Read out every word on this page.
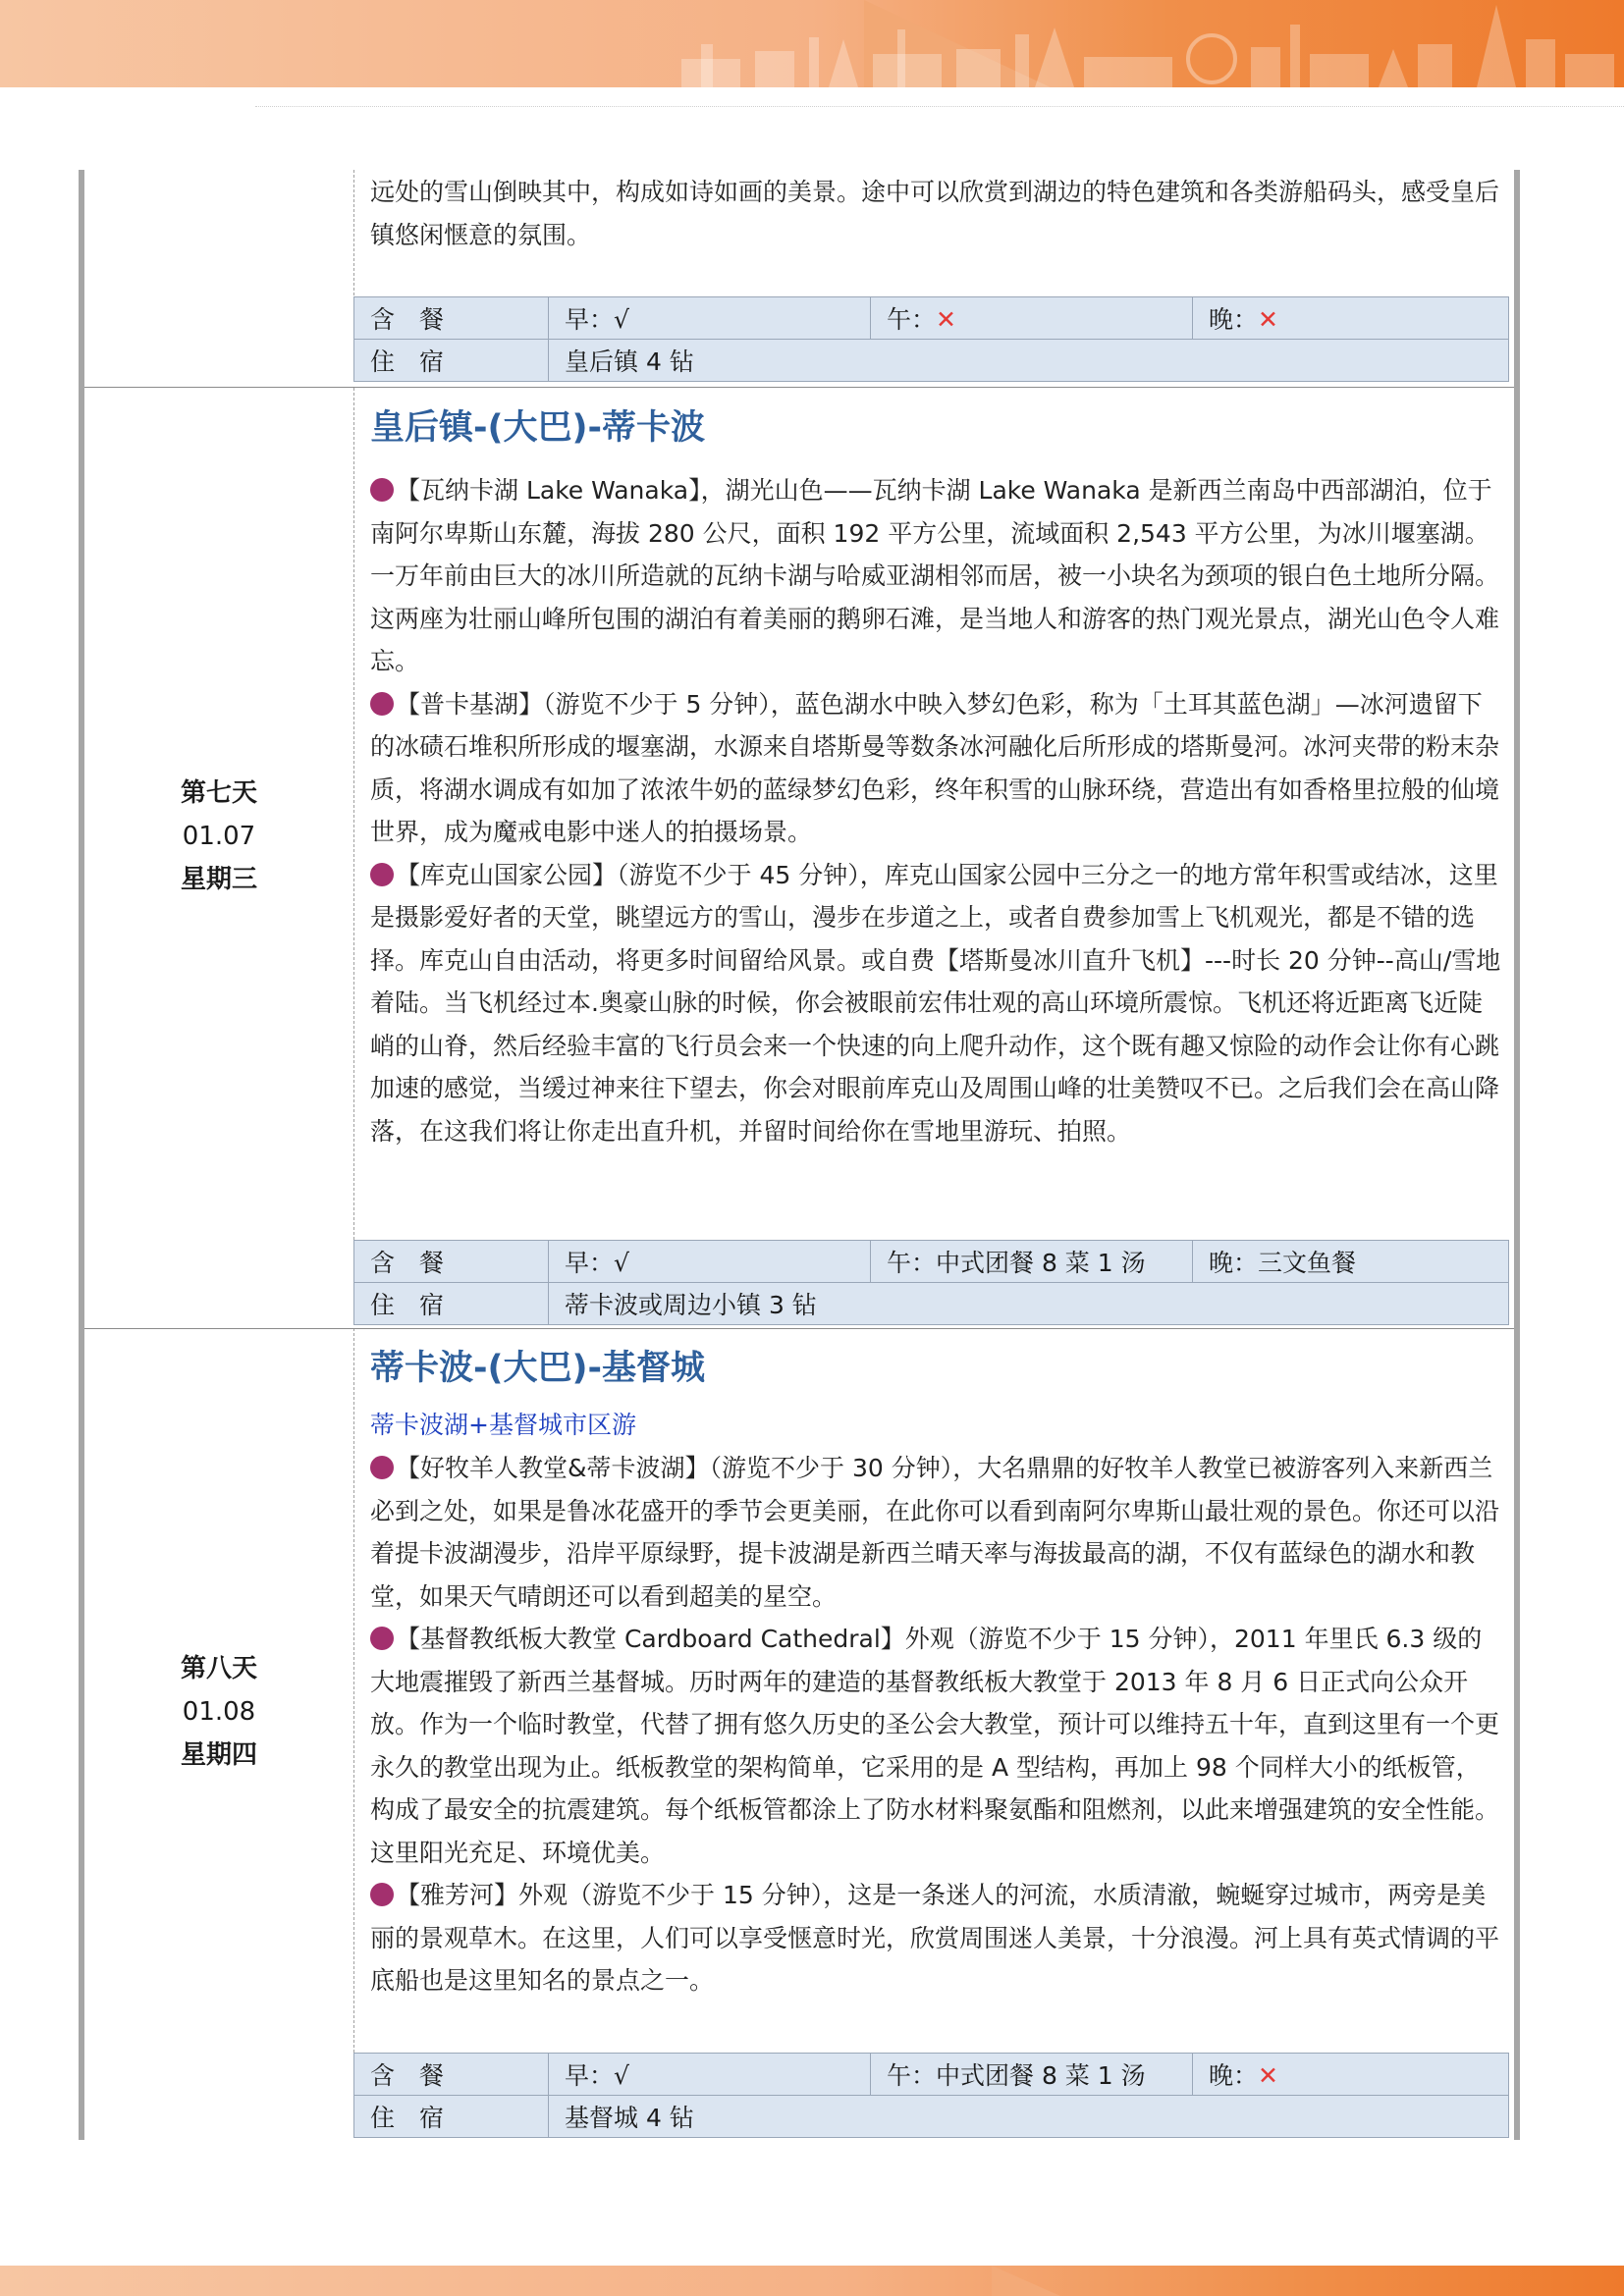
远处的雪山倒映其中，构成如诗如画的美景。途中可以欣赏到湖边的特色建筑和各类游船码头，感受皇后镇悠闲惬意的氛围。

含　餐	早：√	午：✕	晚：✕
住　宿	皇后镇 4 钻		
第七天
01.07
星期三
皇后镇-(大巴)-蒂卡波

【瓦纳卡湖 Lake Wanaka】，湖光山色——瓦纳卡湖 Lake Wanaka 是新西兰南岛中西部湖泊，位于南阿尔卑斯山东麓，海拔 280 公尺，面积 192 平方公里，流域面积 2,543 平方公里，为冰川堰塞湖。一万年前由巨大的冰川所造就的瓦纳卡湖与哈威亚湖相邻而居，被一小块名为颈项的银白色土地所分隔。这两座为壮丽山峰所包围的湖泊有着美丽的鹅卵石滩，是当地人和游客的热门观光景点，湖光山色令人难忘。

【普卡基湖】（游览不少于 5 分钟），蓝色湖水中映入梦幻色彩，称为「土耳其蓝色湖」—冰河遗留下的冰碛石堆积所形成的堰塞湖，水源来自塔斯曼等数条冰河融化后所形成的塔斯曼河。冰河夹带的粉末杂质，将湖水调成有如加了浓浓牛奶的蓝绿梦幻色彩，终年积雪的山脉环绕，营造出有如香格里拉般的仙境世界，成为魔戒电影中迷人的拍摄场景。

【库克山国家公园】（游览不少于 45 分钟），库克山国家公园中三分之一的地方常年积雪或结冰，这里是摄影爱好者的天堂，眺望远方的雪山，漫步在步道之上，或者自费参加雪上飞机观光，都是不错的选择。库克山自由活动，将更多时间留给风景。或自费【塔斯曼冰川直升飞机】---时长 20 分钟--高山/雪地着陆。当飞机经过本.奥豪山脉的时候，你会被眼前宏伟壮观的高山环境所震惊。飞机还将近距离飞近陡峭的山脊，然后经验丰富的飞行员会来一个快速的向上爬升动作，这个既有趣又惊险的动作会让你有心跳加速的感觉，当缓过神来往下望去，你会对眼前库克山及周围山峰的壮美赞叹不已。之后我们会在高山降落，在这我们将让你走出直升机，并留时间给你在雪地里游玩、拍照。

含　餐	早：√	午：中式团餐 8 菜 1 汤	晚：三文鱼餐
住　宿	蒂卡波或周边小镇 3 钻		
第八天
01.08
星期四
蒂卡波-(大巴)-基督城
蒂卡波湖+基督城市区游

【好牧羊人教堂&蒂卡波湖】（游览不少于 30 分钟），大名鼎鼎的好牧羊人教堂已被游客列入来新西兰必到之处，如果是鲁冰花盛开的季节会更美丽，在此你可以看到南阿尔卑斯山最壮观的景色。你还可以沿着提卡波湖漫步，沿岸平原绿野，提卡波湖是新西兰晴天率与海拔最高的湖，不仅有蓝绿色的湖水和教堂，如果天气晴朗还可以看到超美的星空。

【基督教纸板大教堂 Cardboard Cathedral】外观（游览不少于 15 分钟），2011 年里氏 6.3 级的大地震摧毁了新西兰基督城。历时两年的建造的基督教纸板大教堂于 2013 年 8 月 6 日正式向公众开放。作为一个临时教堂，代替了拥有悠久历史的圣公会大教堂，预计可以维持五十年，直到这里有一个更永久的教堂出现为止。纸板教堂的架构简单，它采用的是 A 型结构，再加上 98 个同样大小的纸板管，构成了最安全的抗震建筑。每个纸板管都涂上了防水材料聚氨酯和阻燃剂，以此来增强建筑的安全性能。这里阳光充足、环境优美。

【雅芳河】外观（游览不少于 15 分钟），这是一条迷人的河流，水质清澈，蜿蜒穿过城市，两旁是美丽的景观草木。在这里，人们可以享受惬意时光，欣赏周围迷人美景，十分浪漫。河上具有英式情调的平底船也是这里知名的景点之一。

含　餐	早：√	午：中式团餐 8 菜 1 汤	晚：✕
住　宿	基督城 4 钻		
